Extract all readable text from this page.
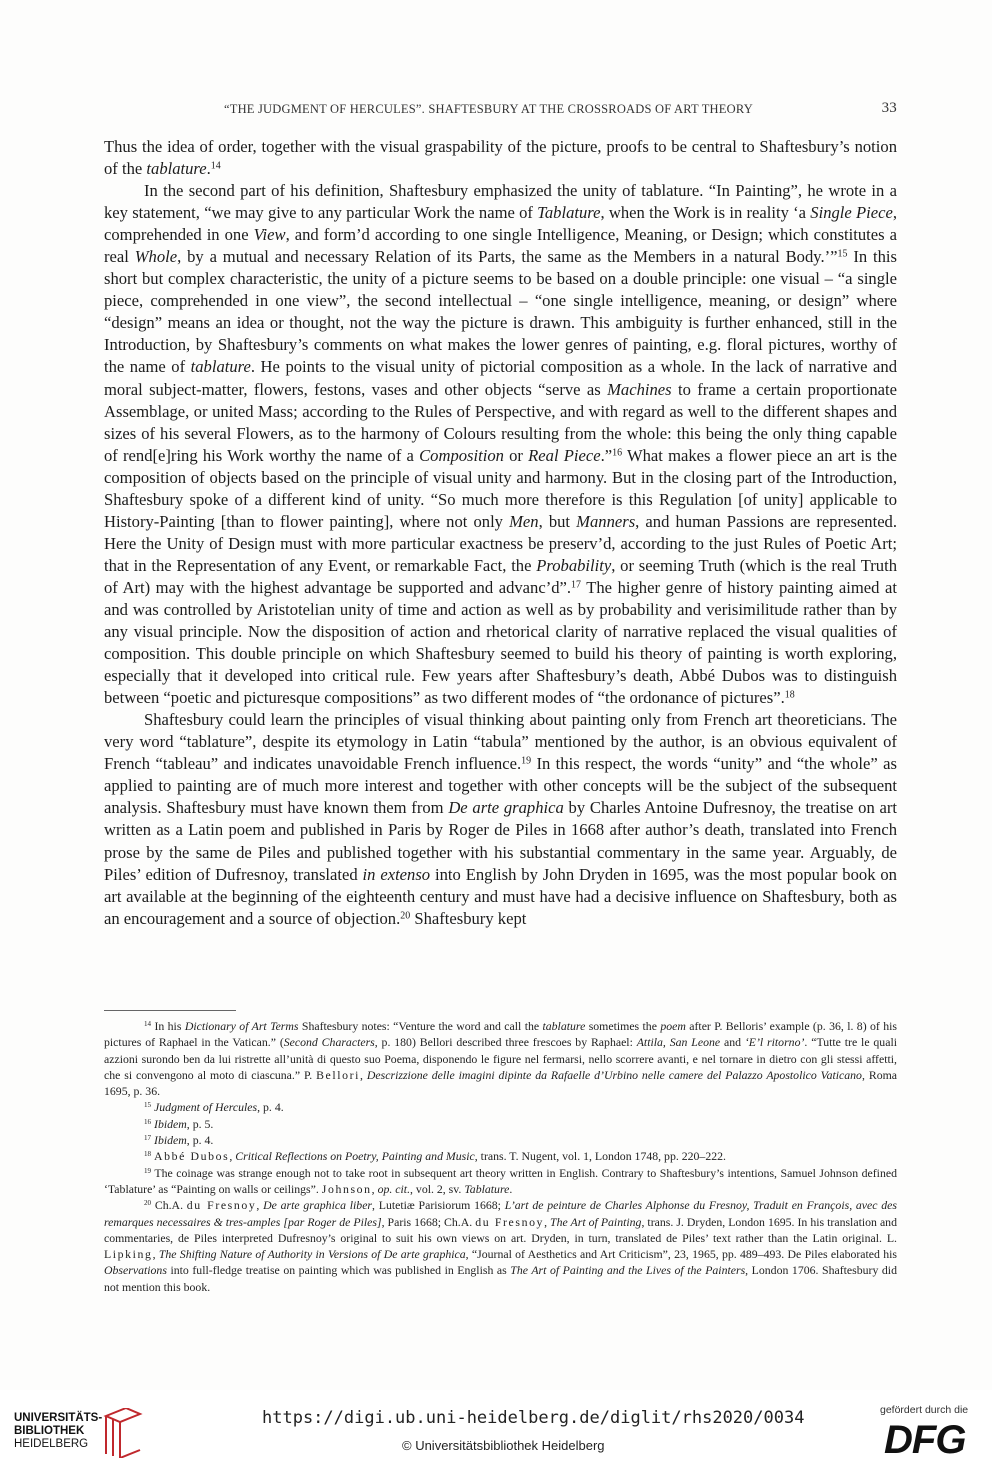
“THE JUDGMENT OF HERCULES”. SHAFTESBURY AT THE CROSSROADS OF ART THEORY	33

Thus the idea of order, together with the visual graspability of the picture, proofs to be central to Shaftesbury’s notion of the tablature.$^{14}$

In the second part of his definition, Shaftesbury emphasized the unity of tablature. “In Painting”, he wrote in a key statement, “we may give to any particular Work the name of Tablature, when the Work is in reality ‘a Single Piece, comprehended in one View, and form’d according to one single Intelligence, Meaning, or Design; which constitutes a real Whole, by a mutual and necessary Relation of its Parts, the same as the Members in a natural Body.’”$^{15}$ In this short but complex characteristic, the unity of a picture seems to be based on a double principle: one visual – “a single piece, comprehended in one view”, the second intellectual – “one single intelligence, meaning, or design” where “design” means an idea or thought, not the way the picture is drawn. This ambiguity is further enhanced, still in the Introduction, by Shaftesbury’s comments on what makes the lower genres of painting, e.g. floral pictures, worthy of the name of tablature. He points to the visual unity of pictorial composition as a whole. In the lack of narrative and moral subject-matter, flowers, festons, vases and other objects “serve as Machines to frame a certain proportionate Assemblage, or united Mass; according to the Rules of Perspective, and with regard as well to the different shapes and sizes of his several Flowers, as to the harmony of Colours resulting from the whole: this being the only thing capable of rend[e]ring his Work worthy the name of a Composition or Real Piece.”$^{16}$ What makes a flower piece an art is the composition of objects based on the principle of visual unity and harmony. But in the closing part of the Introduction, Shaftesbury spoke of a different kind of unity. “So much more therefore is this Regulation [of unity] applicable to History-Painting [than to flower painting], where not only Men, but Manners, and human Passions are represented. Here the Unity of Design must with more particular exactness be preserv’d, according to the just Rules of Poetic Art; that in the Representation of any Event, or remarkable Fact, the Probability, or seeming Truth (which is the real Truth of Art) may with the highest advantage be supported and advanc’d”.$^{17}$ The higher genre of history painting aimed at and was controlled by Aristotelian unity of time and action as well as by probability and verisimilitude rather than by any visual principle. Now the disposition of action and rhetorical clarity of narrative replaced the visual qualities of composition. This double principle on which Shaftesbury seemed to build his theory of painting is worth exploring, especially that it developed into critical rule. Few years after Shaftesbury’s death, Abbé Dubos was to distinguish between “poetic and picturesque compositions” as two different modes of “the ordonance of pictures”.$^{18}$

Shaftesbury could learn the principles of visual thinking about painting only from French art theoreticians. The very word “tablature”, despite its etymology in Latin “tabula” mentioned by the author, is an obvious equivalent of French “tableau” and indicates unavoidable French influence.$^{19}$ In this respect, the words “unity” and “the whole” as applied to painting are of much more interest and together with other concepts will be the subject of the subsequent analysis. Shaftesbury must have known them from De arte graphica by Charles Antoine Dufresnoy, the treatise on art written as a Latin poem and published in Paris by Roger de Piles in 1668 after author’s death, translated into French prose by the same de Piles and published together with his substantial commentary in the same year. Arguably, de Piles’ edition of Dufresnoy, translated in extenso into English by John Dryden in 1695, was the most popular book on art available at the beginning of the eighteenth century and must have had a decisive influence on Shaftesbury, both as an encouragement and a source of objection.$^{20}$ Shaftesbury kept

$^{14}$ In his Dictionary of Art Terms Shaftesbury notes: “Venture the word and call the tablature sometimes the poem after P. Belloris’ example (p. 36, l. 8) of his pictures of Raphael in the Vatican.” (Second Characters, p. 180) Bellori described three frescoes by Raphael: Attila, San Leone and ‘E’l ritorno’. “Tutte tre le quali azzioni surondo ben da lui ristrette all’unità di questo suo Poema, disponendo le figure nel fermarsi, nello scorrere avanti, e nel tornare in dietro con gli stessi affetti, che si convengono al moto di ciascuna.” P. Bellori, Descrizzione delle imagini dipinte da Rafaelle d’Urbino nelle camere del Palazzo Apostolico Vaticano, Roma 1695, p. 36.

$^{15}$ Judgment of Hercules, p. 4.

$^{16}$ Ibidem, p. 5.

$^{17}$ Ibidem, p. 4.

$^{18}$ Abbé Dubos, Critical Reflections on Poetry, Painting and Music, trans. T. Nugent, vol. 1, London 1748, pp. 220–222.

$^{19}$ The coinage was strange enough not to take root in subsequent art theory written in English. Contrary to Shaftesbury’s intentions, Samuel Johnson defined ‘Tablature’ as “Painting on walls or ceilings”. Johnson, op. cit., vol. 2, sv. Tablature.

$^{20}$ Ch.A. du Fresnoy, De arte graphica liber, Lutetiæ Parisiorum 1668; L’art de peinture de Charles Alphonse du Fresnoy, Traduit en François, avec des remarques necessaires & tres-amples [par Roger de Piles], Paris 1668; Ch.A. du Fresnoy, The Art of Painting, trans. J. Dryden, London 1695. In his translation and commentaries, de Piles interpreted Dufresnoy’s original to suit his own views on art. Dryden, in turn, translated de Piles’ text rather than the Latin original. L. Lipking, The Shifting Nature of Authority in Versions of De arte graphica, “Journal of Aesthetics and Art Criticism”, 23, 1965, pp. 489–493. De Piles elaborated his Observations into full-fledge treatise on painting which was published in English as The Art of Painting and the Lives of the Painters, London 1706. Shaftesbury did not mention this book.

UNIVERSITÄTS-
BIBLIOTHEK
HEIDELBERG
https://digi.ub.uni-heidelberg.de/diglit/rhs2020/0034
© Universitätsbibliothek Heidelberg
gefördert durch die
DFG
